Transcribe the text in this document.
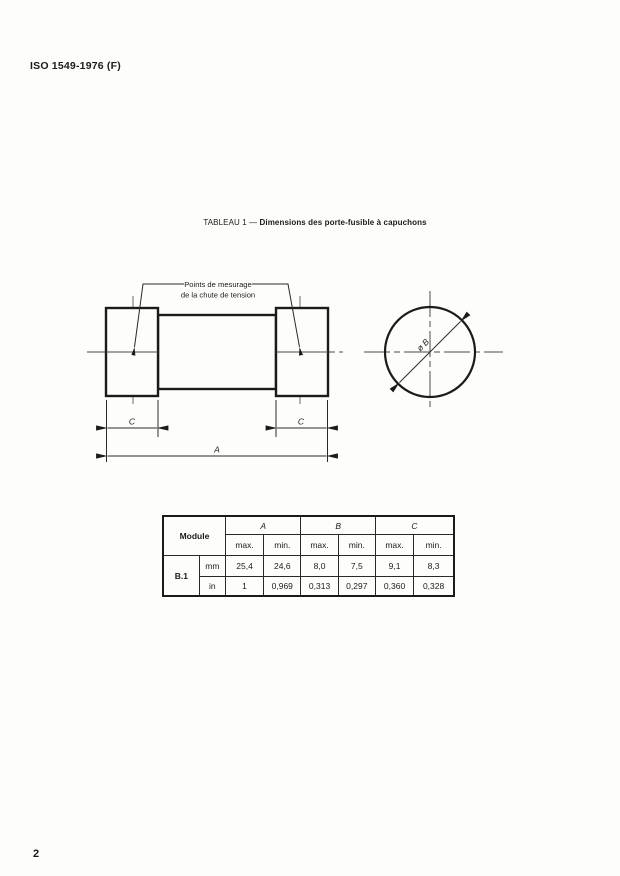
ISO 1549-1976 (F)
TABLEAU 1 — Dimensions des porte-fusible à capuchons
Points de mesurage
de la chute de tension
C	C
A
ø B
Module		A		B		C	
		max.	min.	max.	min.	max.	min.
B.1	mm	25,4	24,6	8,0	7,5	9,1	8,3
	in	1	0,969	0,313	0,297	0,360	0,328
2
